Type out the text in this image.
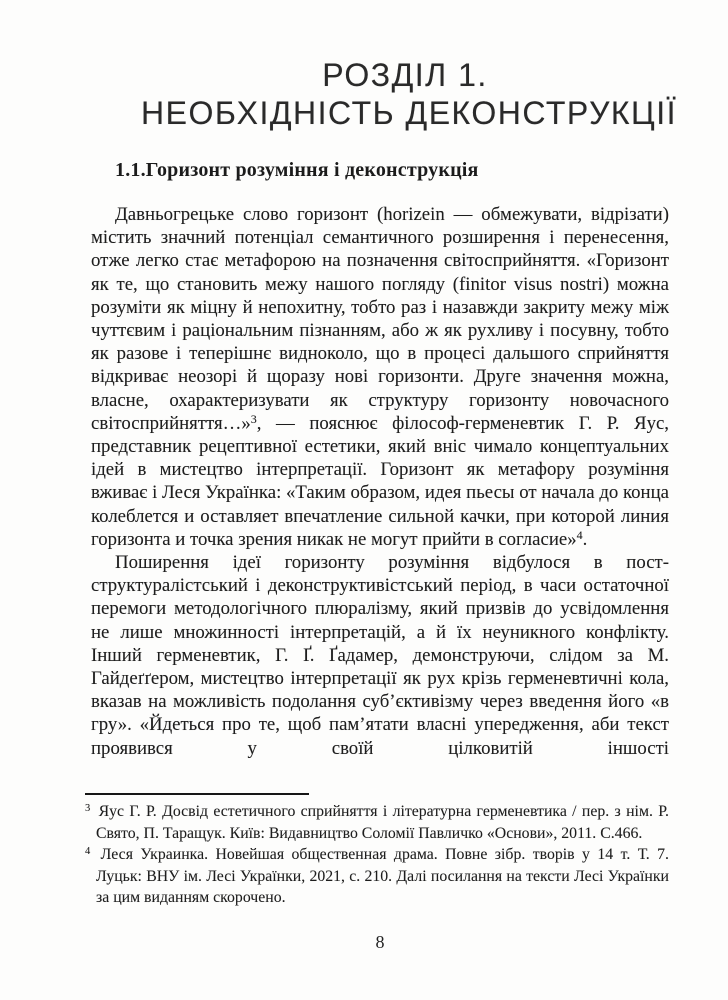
РОЗДІЛ 1.
НЕОБХІДНІСТЬ ДЕКОНСТРУКЦІЇ
1.1.Горизонт розуміння і деконструкція

Давньогрецьке слово горизонт (horizein — обмежувати, відрізати) містить значний потенціал семантичного розширення і перенесення, отже легко стає метафорою на позначення світосприйняття. «Горизонт як те, що становить межу нашого погляду (finitor visus nostri) можна розуміти як міцну й непохитну, тобто раз і назавжди закриту межу між чуттєвим і раціональним пізнанням, або ж як рухливу і посувну, тобто як разове і теперішнє видноколо, що в процесі дальшого сприйняття відкриває неозорі й щоразу нові горизонти. Друге значення можна, власне, охарактеризувати як структуру горизонту новочасного світосприйняття…»$^3$, — пояснює філософ-герменевтик Г. Р. Яус, представник рецептивної естетики, який вніс чимало концептуальних ідей в мистецтво інтерпретації. Горизонт як метафору розуміння вживає і Леся Українка: «Таким образом, идея пьесы от начала до конца колеблется и оставляет впечатление сильной качки, при которой линия горизонта и точка зрения никак не могут прийти в согласие»$^4$.

Поширення ідеї горизонту розуміння відбулося в пост-структуралістський і деконструктивістський період, в часи остаточної перемоги методологічного плюралізму, який призвів до усвідомлення не лише множинності інтерпретацій, а й їх неуникного конфлікту. Інший герменевтик, Г. Ґ. Ґадамер, демонструючи, слідом за М. Гайдеґґером, мистецтво інтерпретації як рух крізь герменевтичні кола, вказав на можливість подолання суб’єктивізму через введення його «в гру». «Йдеться про те, щоб пам’ятати власні упередження, аби текст проявився у своїй цілковитій іншості

$^3$ Яус Г. Р. Досвід естетичного сприйняття і літературна герменевтика / пер. з нім. Р. Свято, П. Таращук. Київ: Видавництво Соломії Павличко «Основи», 2011. С.466.
$^4$ Леся Украинка. Новейшая общественная драма. Повне зібр. творів у 14 т. Т. 7. Луцьк: ВНУ ім. Лесі Українки, 2021, с. 210. Далі посилання на тексти Лесі Українки за цим виданням скорочено.
8
